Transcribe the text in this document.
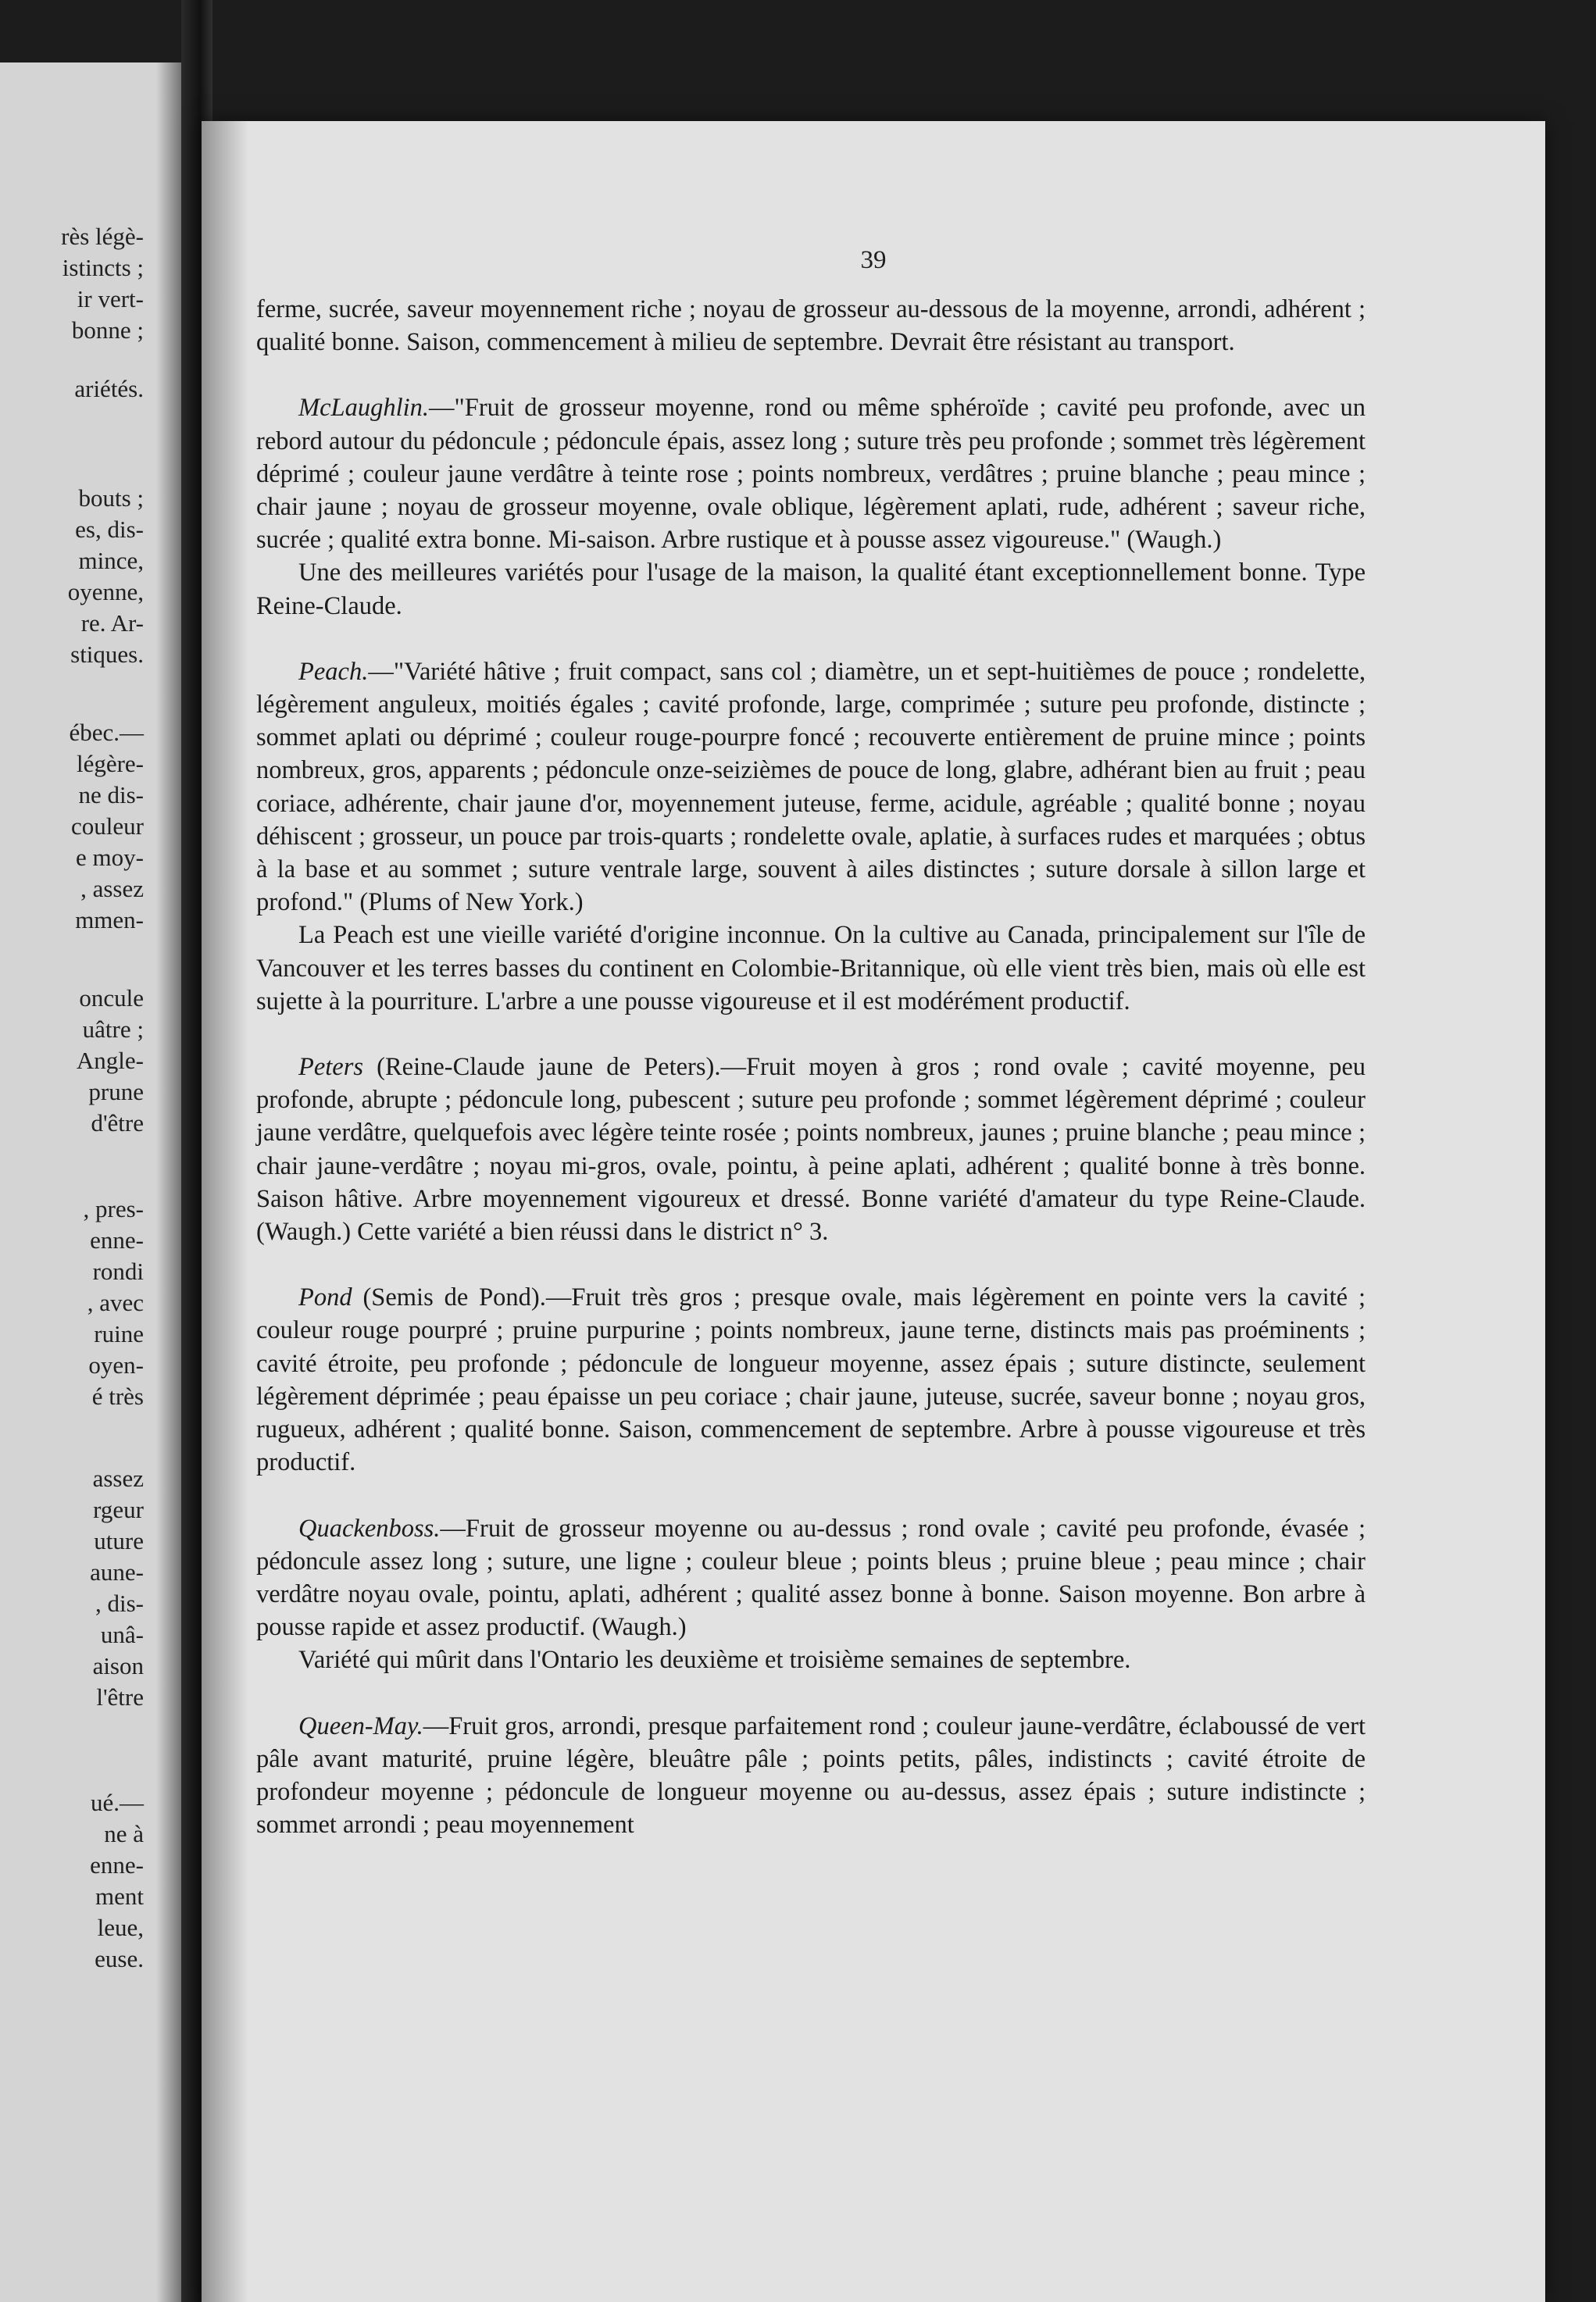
rès légè-
istincts ;
ir vert-
bonne ;
ariétés.
bouts ;
es, dis-
mince,
oyenne,
re. Ar-
stiques.
ébec.—
légère-
ne dis-
couleur
e moy-
, assez
mmen-
oncule
uâtre ;
Angle-
prune
d'être
, pres-
enne-
rondi
, avec
ruine
oyen-
é très
assez
rgeur
uture
aune-
, dis-
unâ-
aison
l'être
ué.—
ne à
enne-
ment
leue,
euse.
39

ferme, sucrée, saveur moyennement riche ; noyau de grosseur au-dessous de la moyenne, arrondi, adhérent ; qualité bonne. Saison, commencement à milieu de septembre. Devrait être résistant au transport.

McLaughlin.—"Fruit de grosseur moyenne, rond ou même sphéroïde ; cavité peu profonde, avec un rebord autour du pédoncule ; pédoncule épais, assez long ; suture très peu profonde ; sommet très légèrement déprimé ; couleur jaune verdâtre à teinte rose ; points nombreux, verdâtres ; pruine blanche ; peau mince ; chair jaune ; noyau de grosseur moyenne, ovale oblique, légèrement aplati, rude, adhérent ; saveur riche, sucrée ; qualité extra bonne. Mi-saison. Arbre rustique et à pousse assez vigoureuse." (Waugh.)

Une des meilleures variétés pour l'usage de la maison, la qualité étant exceptionnellement bonne. Type Reine-Claude.

Peach.—"Variété hâtive ; fruit compact, sans col ; diamètre, un et sept-huitièmes de pouce ; rondelette, légèrement anguleux, moitiés égales ; cavité profonde, large, comprimée ; suture peu profonde, distincte ; sommet aplati ou déprimé ; couleur rouge-pourpre foncé ; recouverte entièrement de pruine mince ; points nombreux, gros, apparents ; pédoncule onze-seizièmes de pouce de long, glabre, adhérant bien au fruit ; peau coriace, adhérente, chair jaune d'or, moyennement juteuse, ferme, acidule, agréable ; qualité bonne ; noyau déhiscent ; grosseur, un pouce par trois-quarts ; rondelette ovale, aplatie, à surfaces rudes et marquées ; obtus à la base et au sommet ; suture ventrale large, souvent à ailes distinctes ; suture dorsale à sillon large et profond." (Plums of New York.)

La Peach est une vieille variété d'origine inconnue. On la cultive au Canada, principalement sur l'île de Vancouver et les terres basses du continent en Colombie-Britannique, où elle vient très bien, mais où elle est sujette à la pourriture. L'arbre a une pousse vigoureuse et il est modérément productif.

Peters (Reine-Claude jaune de Peters).—Fruit moyen à gros ; rond ovale ; cavité moyenne, peu profonde, abrupte ; pédoncule long, pubescent ; suture peu profonde ; sommet légèrement déprimé ; couleur jaune verdâtre, quelquefois avec légère teinte rosée ; points nombreux, jaunes ; pruine blanche ; peau mince ; chair jaune-verdâtre ; noyau mi-gros, ovale, pointu, à peine aplati, adhérent ; qualité bonne à très bonne. Saison hâtive. Arbre moyennement vigoureux et dressé. Bonne variété d'amateur du type Reine-Claude. (Waugh.) Cette variété a bien réussi dans le district n° 3.

Pond (Semis de Pond).—Fruit très gros ; presque ovale, mais légèrement en pointe vers la cavité ; couleur rouge pourpré ; pruine purpurine ; points nombreux, jaune terne, distincts mais pas proéminents ; cavité étroite, peu profonde ; pédoncule de longueur moyenne, assez épais ; suture distincte, seulement légèrement déprimée ; peau épaisse un peu coriace ; chair jaune, juteuse, sucrée, saveur bonne ; noyau gros, rugueux, adhérent ; qualité bonne. Saison, commencement de septembre. Arbre à pousse vigoureuse et très productif.

Quackenboss.—Fruit de grosseur moyenne ou au-dessus ; rond ovale ; cavité peu profonde, évasée ; pédoncule assez long ; suture, une ligne ; couleur bleue ; points bleus ; pruine bleue ; peau mince ; chair verdâtre noyau ovale, pointu, aplati, adhérent ; qualité assez bonne à bonne. Saison moyenne. Bon arbre à pousse rapide et assez productif. (Waugh.)

Variété qui mûrit dans l'Ontario les deuxième et troisième semaines de septembre.

Queen-May.—Fruit gros, arrondi, presque parfaitement rond ; couleur jaune-verdâtre, éclaboussé de vert pâle avant maturité, pruine légère, bleuâtre pâle ; points petits, pâles, indistincts ; cavité étroite de profondeur moyenne ; pédoncule de longueur moyenne ou au-dessus, assez épais ; suture indistincte ; sommet arrondi ; peau moyennement
